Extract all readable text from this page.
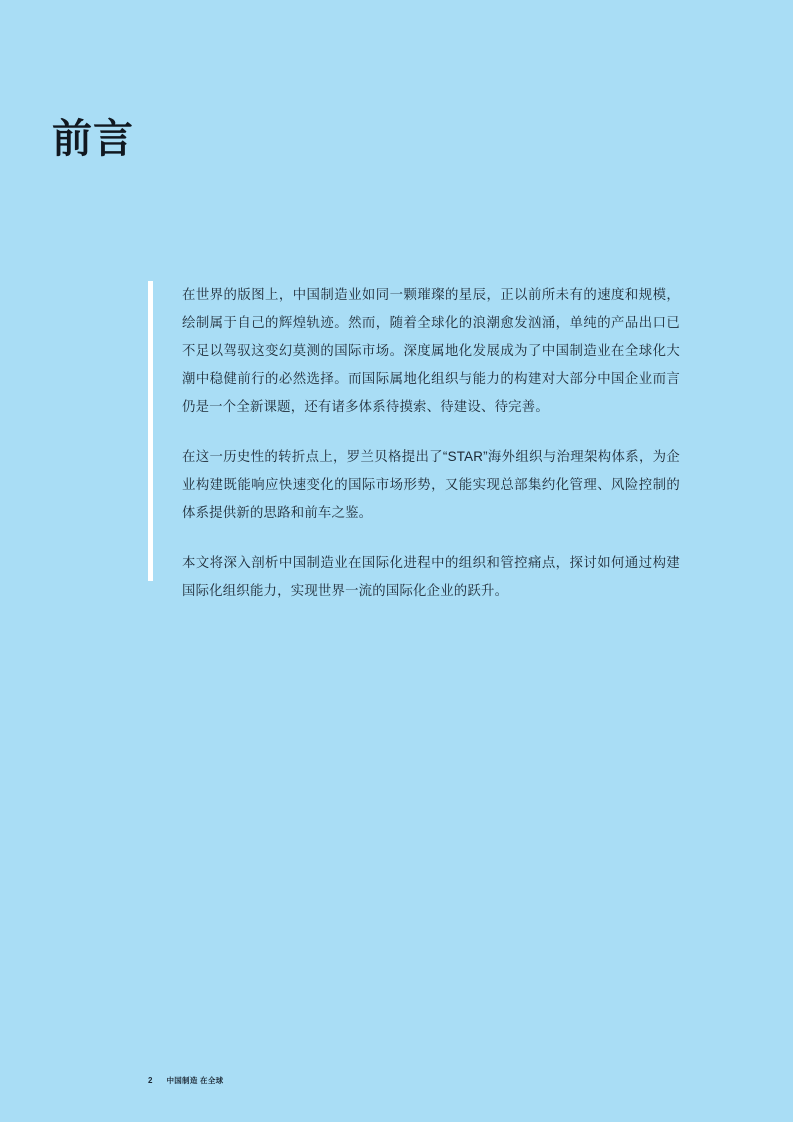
前言

在世界的版图上，中国制造业如同一颗璀璨的星辰，正以前所未有的速度和规模，绘制属于自己的辉煌轨迹。然而，随着全球化的浪潮愈发汹涌，单纯的产品出口已不足以驾驭这变幻莫测的国际市场。深度属地化发展成为了中国制造业在全球化大潮中稳健前行的必然选择。而国际属地化组织与能力的构建对大部分中国企业而言仍是一个全新课题，还有诸多体系待摸索、待建设、待完善。

在这一历史性的转折点上，罗兰贝格提出了“STAR”海外组织与治理架构体系，为企业构建既能响应快速变化的国际市场形势，又能实现总部集约化管理、风险控制的体系提供新的思路和前车之鉴。

本文将深入剖析中国制造业在国际化进程中的组织和管控痛点，探讨如何通过构建国际化组织能力，实现世界一流的国际化企业的跃升。

2 中国制造 在全球
